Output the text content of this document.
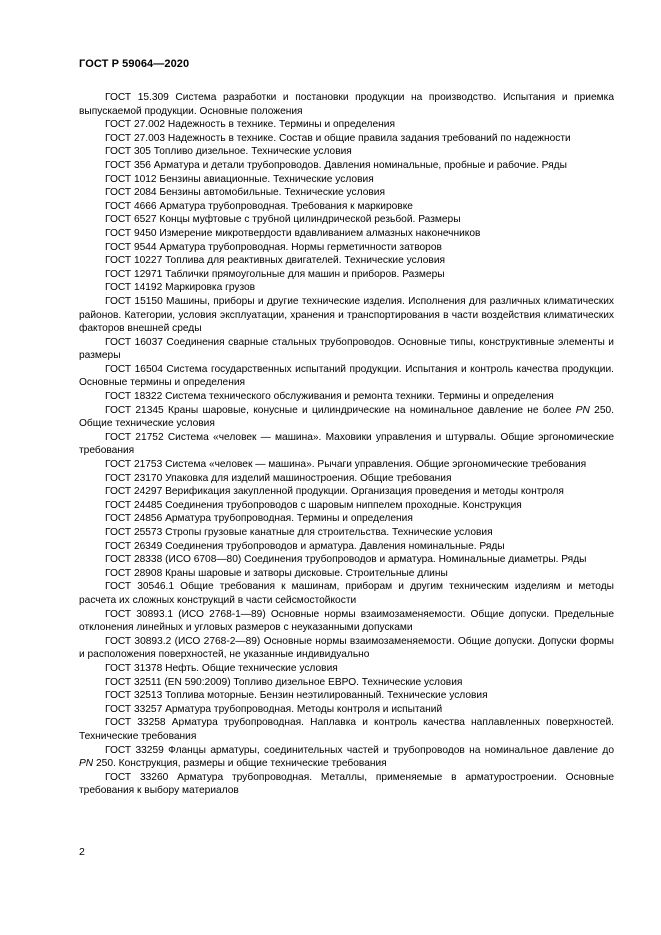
ГОСТ Р 59064—2020

ГОСТ 15.309 Система разработки и постановки продукции на производство. Испытания и приемка выпускаемой продукции. Основные положения

ГОСТ 27.002 Надежность в технике. Термины и определения

ГОСТ 27.003 Надежность в технике. Состав и общие правила задания требований по надежности

ГОСТ 305 Топливо дизельное. Технические условия

ГОСТ 356 Арматура и детали трубопроводов. Давления номинальные, пробные и рабочие. Ряды

ГОСТ 1012 Бензины авиационные. Технические условия

ГОСТ 2084 Бензины автомобильные. Технические условия

ГОСТ 4666 Арматура трубопроводная. Требования к маркировке

ГОСТ 6527 Концы муфтовые с трубной цилиндрической резьбой. Размеры

ГОСТ 9450 Измерение микротвердости вдавливанием алмазных наконечников

ГОСТ 9544 Арматура трубопроводная. Нормы герметичности затворов

ГОСТ 10227 Топлива для реактивных двигателей. Технические условия

ГОСТ 12971 Таблички прямоугольные для машин и приборов. Размеры

ГОСТ 14192 Маркировка грузов

ГОСТ 15150 Машины, приборы и другие технические изделия. Исполнения для различных климатических районов. Категории, условия эксплуатации, хранения и транспортирования в части воздействия климатических факторов внешней среды

ГОСТ 16037 Соединения сварные стальных трубопроводов. Основные типы, конструктивные элементы и размеры

ГОСТ 16504 Система государственных испытаний продукции. Испытания и контроль качества продукции. Основные термины и определения

ГОСТ 18322 Система технического обслуживания и ремонта техники. Термины и определения

ГОСТ 21345 Краны шаровые, конусные и цилиндрические на номинальное давление не более PN 250. Общие технические условия

ГОСТ 21752 Система «человек — машина». Маховики управления и штурвалы. Общие эргономические требования

ГОСТ 21753 Система «человек — машина». Рычаги управления. Общие эргономические требования

ГОСТ 23170 Упаковка для изделий машиностроения. Общие требования

ГОСТ 24297 Верификация закупленной продукции. Организация проведения и методы контроля

ГОСТ 24485 Соединения трубопроводов с шаровым ниппелем проходные. Конструкция

ГОСТ 24856 Арматура трубопроводная. Термины и определения

ГОСТ 25573 Стропы грузовые канатные для строительства. Технические условия

ГОСТ 26349 Соединения трубопроводов и арматура. Давления номинальные. Ряды

ГОСТ 28338 (ИСО 6708—80) Соединения трубопроводов и арматура. Номинальные диаметры. Ряды

ГОСТ 28908 Краны шаровые и затворы дисковые. Строительные длины

ГОСТ 30546.1 Общие требования к машинам, приборам и другим техническим изделиям и методы расчета их сложных конструкций в части сейсмостойкости

ГОСТ 30893.1 (ИСО 2768-1—89) Основные нормы взаимозаменяемости. Общие допуски. Предельные отклонения линейных и угловых размеров с неуказанными допусками

ГОСТ 30893.2 (ИСО 2768-2—89) Основные нормы взаимозаменяемости. Общие допуски. Допуски формы и расположения поверхностей, не указанные индивидуально

ГОСТ 31378 Нефть. Общие технические условия

ГОСТ 32511 (EN 590:2009) Топливо дизельное ЕВРО. Технические условия

ГОСТ 32513 Топлива моторные. Бензин неэтилированный. Технические условия

ГОСТ 33257 Арматура трубопроводная. Методы контроля и испытаний

ГОСТ 33258 Арматура трубопроводная. Наплавка и контроль качества наплавленных поверхностей. Технические требования

ГОСТ 33259 Фланцы арматуры, соединительных частей и трубопроводов на номинальное давление до PN 250. Конструкция, размеры и общие технические требования

ГОСТ 33260 Арматура трубопроводная. Металлы, применяемые в арматуростроении. Основные требования к выбору материалов

2
